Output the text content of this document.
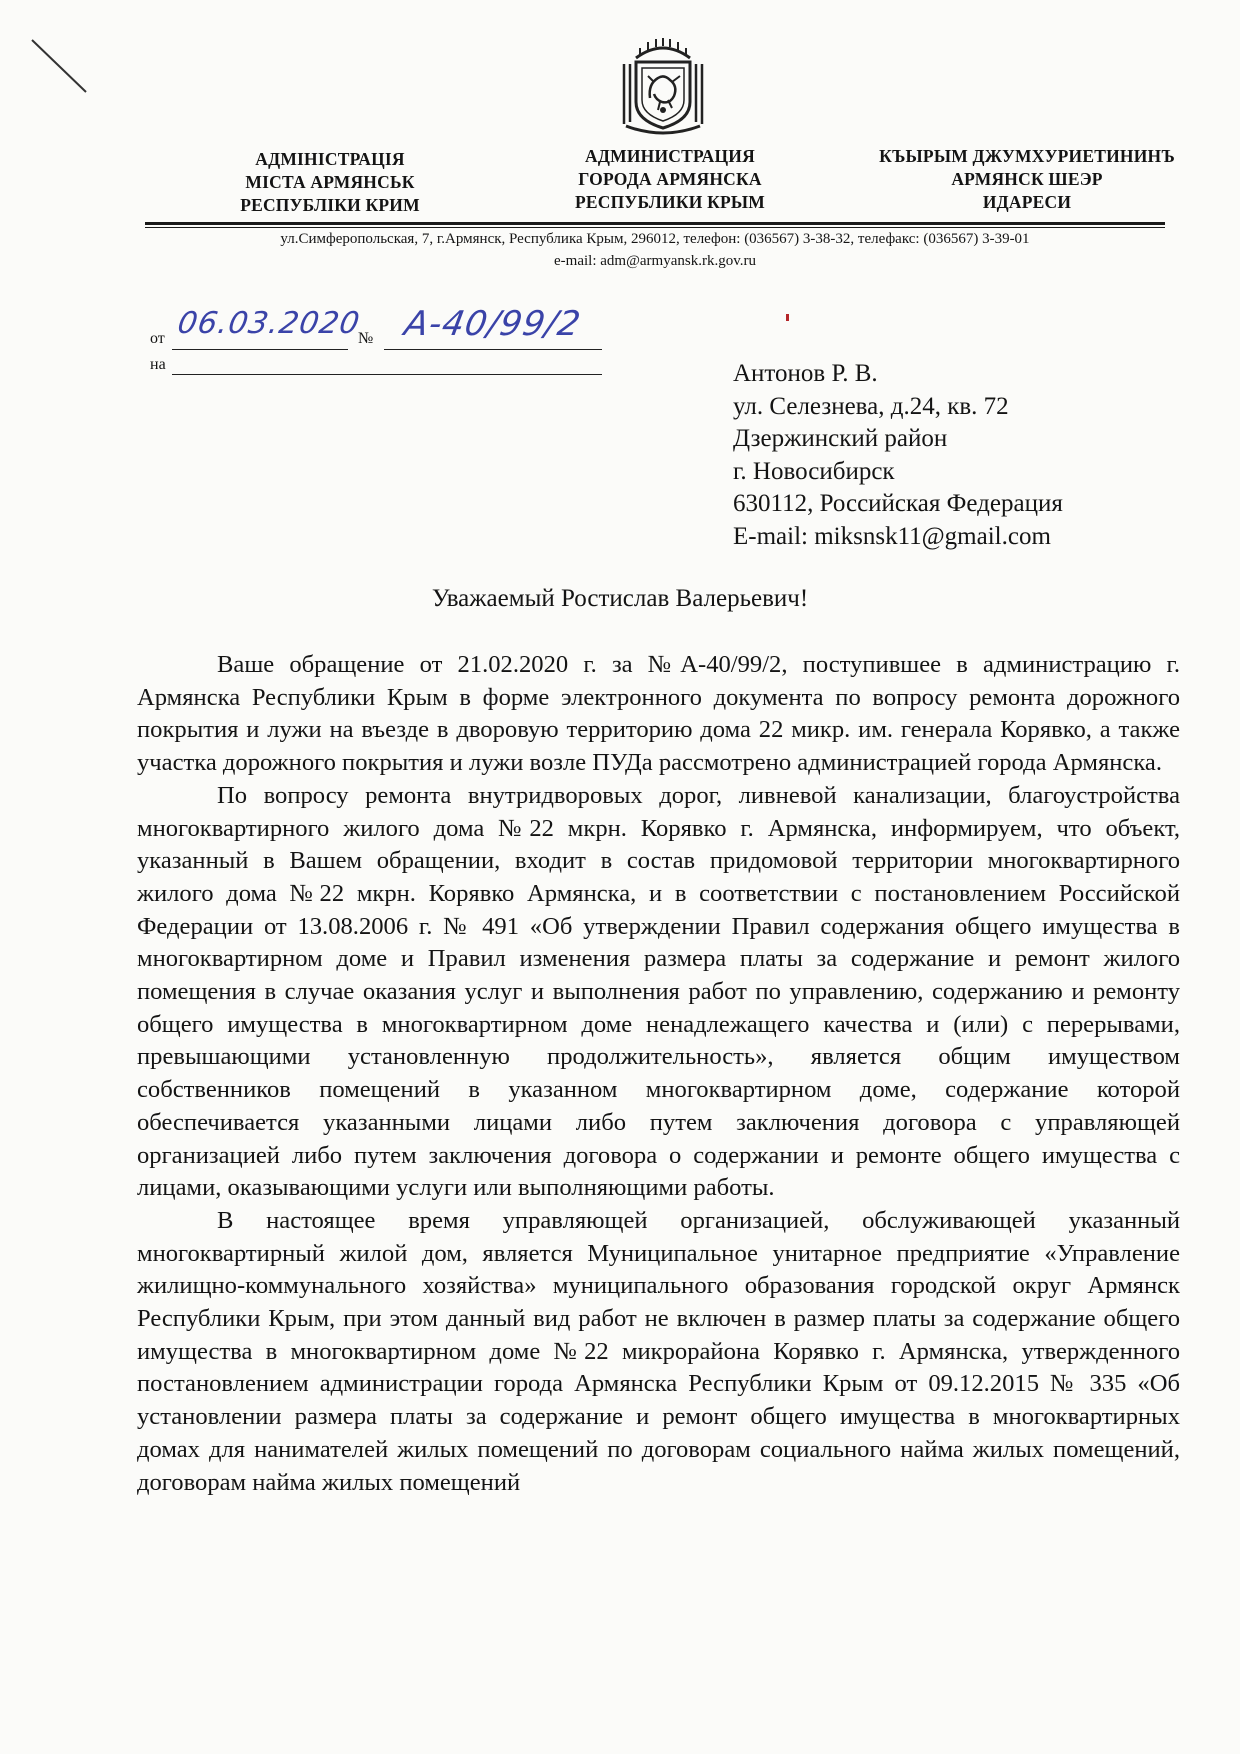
АДМІНІСТРАЦІЯ
МІСТА АРМЯНСЬК
РЕСПУБЛІКИ КРИМ
АДМИНИСТРАЦИЯ
ГОРОДА АРМЯНСКА
РЕСПУБЛИКИ КРЫМ
КЪЫРЫМ ДЖУМХУРИЕТИНИНЪ
АРМЯНСК ШЕЭР
ИДАРЕСИ
ул.Симферопольская, 7, г.Армянск, Республика Крым, 296012, телефон: (036567) 3-38-32, телефакс: (036567) 3-39-01
e-mail: adm@armyansk.rk.gov.ru
от 06.03.2020
№ А-40/99/2
на	Антонов Р. В.
ул. Селезнева, д.24, кв. 72
Дзержинский район
г. Новосибирск
630112, Российская Федерация
E-mail: miksnsk11@gmail.com
Уважаемый Ростислав Валерьевич!

Ваше обращение от 21.02.2020 г. за №А-40/99/2, поступившее в администрацию г. Армянска Республики Крым в форме электронного документа по вопросу ремонта дорожного покрытия и лужи на въезде в дворовую территорию дома 22 микр. им. генерала Корявко, а также участка дорожного покрытия и лужи возле ПУДа рассмотрено администрацией города Армянска.

По вопросу ремонта внутридворовых дорог, ливневой канализации, благоустройства многоквартирного жилого дома №22 мкрн. Корявко г. Армянска, информируем, что объект, указанный в Вашем обращении, входит в состав придомовой территории многоквартирного жилого дома №22 мкрн. Корявко Армянска, и в соответствии с постановлением Российской Федерации от 13.08.2006 г. № 491 «Об утверждении Правил содержания общего имущества в многоквартирном доме и Правил изменения размера платы за содержание и ремонт жилого помещения в случае оказания услуг и выполнения работ по управлению, содержанию и ремонту общего имущества в многоквартирном доме ненадлежащего качества и (или) с перерывами, превышающими установленную продолжительность», является общим имуществом собственников помещений в указанном многоквартирном доме, содержание которой обеспечивается указанными лицами либо путем заключения договора с управляющей организацией либо путем заключения договора о содержании и ремонте общего имущества с лицами, оказывающими услуги или выполняющими работы.

В настоящее время управляющей организацией, обслуживающей указанный многоквартирный жилой дом, является Муниципальное унитарное предприятие «Управление жилищно-коммунального хозяйства» муниципального образования городской округ Армянск Республики Крым, при этом данный вид работ не включен в размер платы за содержание общего имущества в многоквартирном доме №22 микрорайона Корявко г. Армянска, утвержденного постановлением администрации города Армянска Республики Крым от 09.12.2015 № 335 «Об установлении размера платы за содержание и ремонт общего имущества в многоквартирных домах для нанимателей жилых помещений по договорам социального найма жилых помещений, договорам найма жилых помещений
